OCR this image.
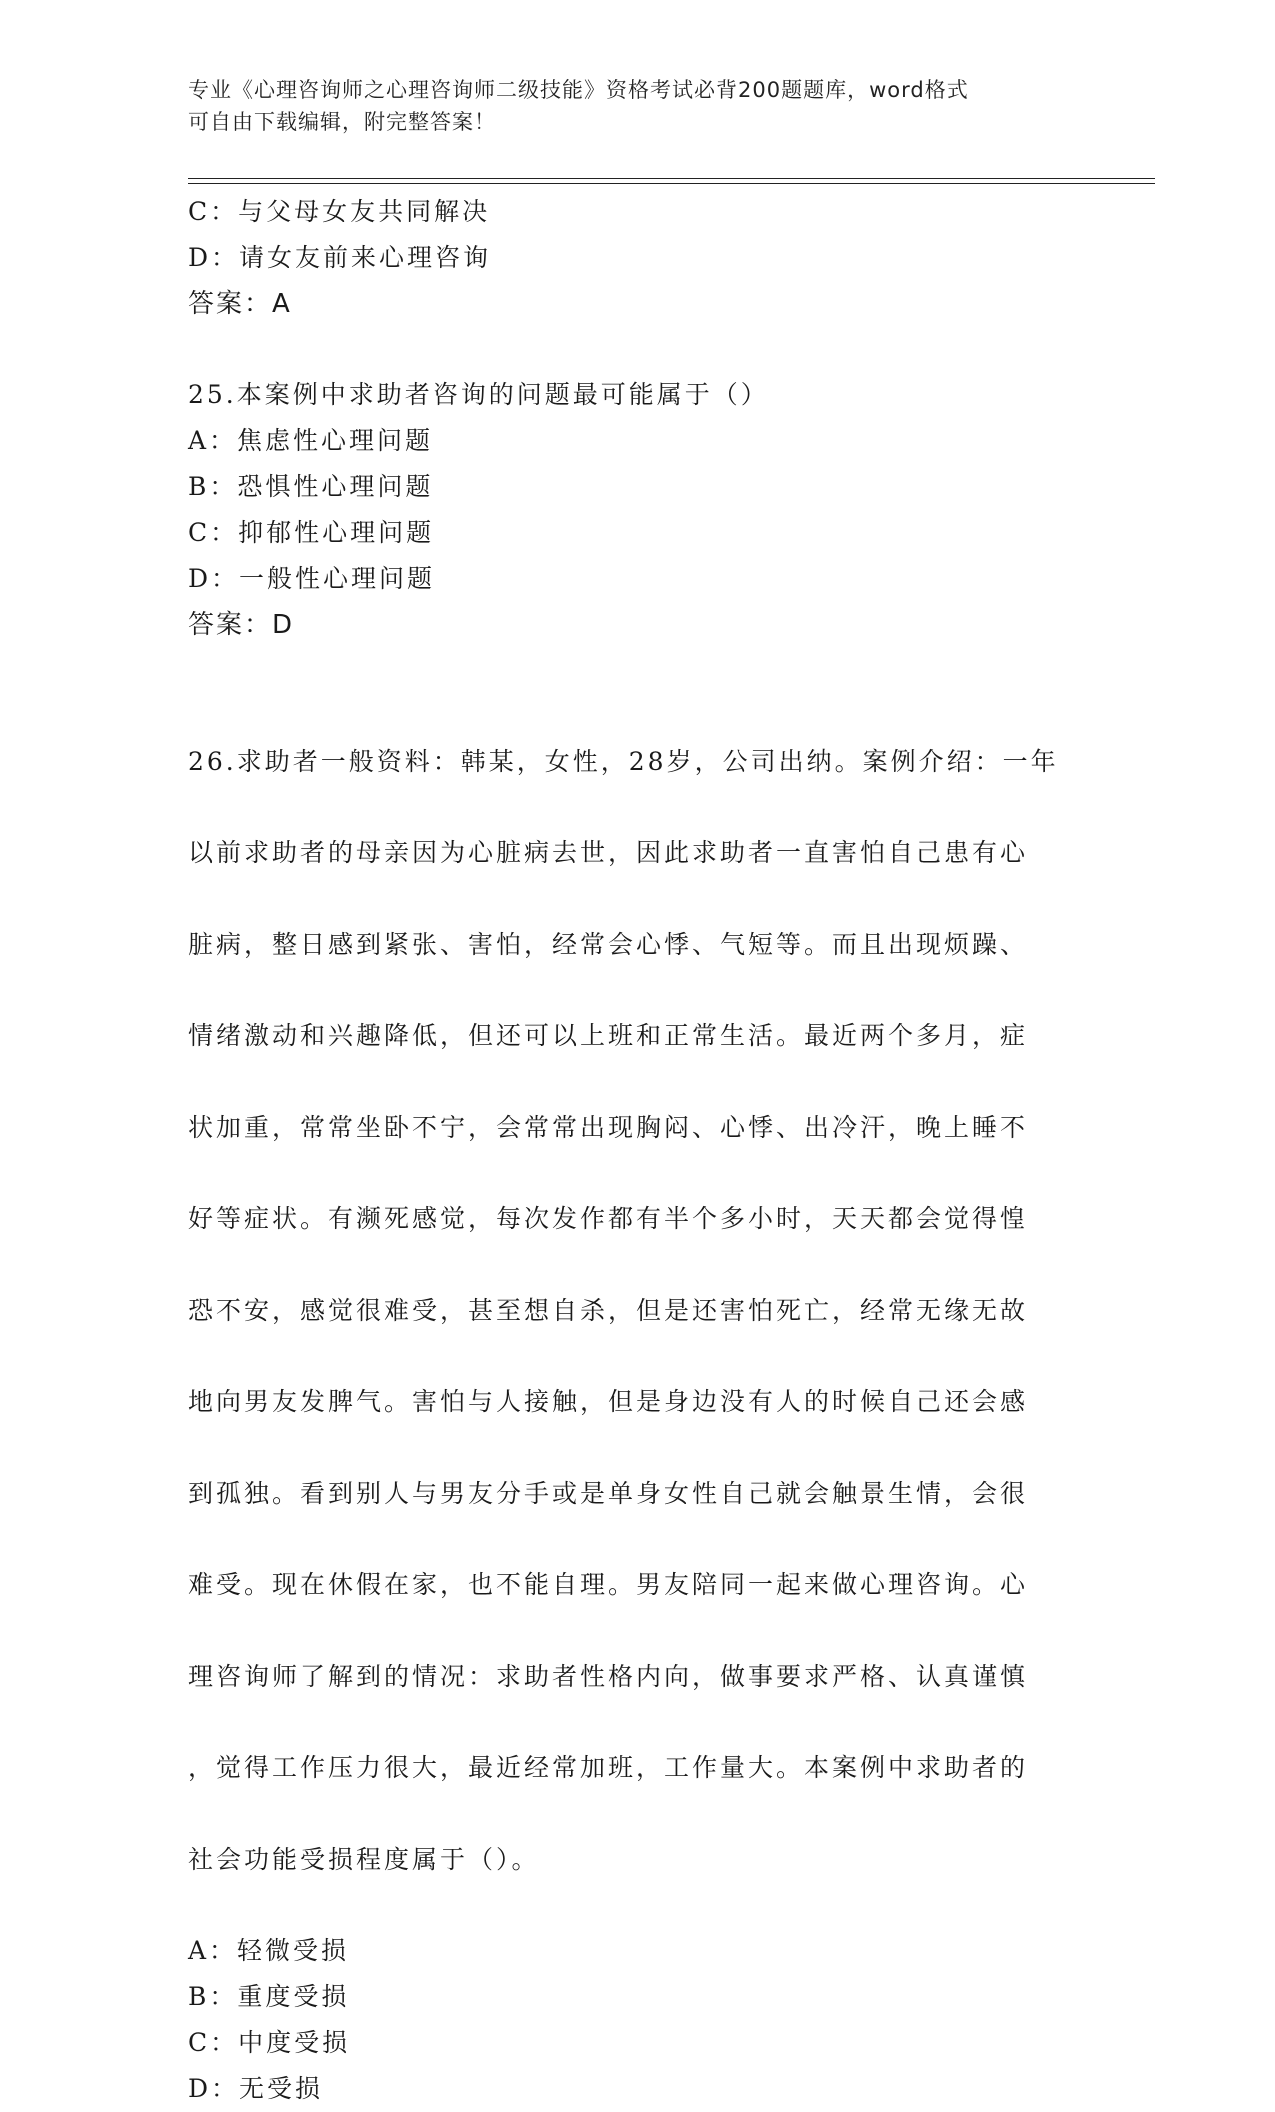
专业《心理咨询师之心理咨询师二级技能》资格考试必背200题题库，word格式
可自由下载编辑，附完整答案！
C：与父母女友共同解决
D：请女友前来心理咨询
答案：A
25.本案例中求助者咨询的问题最可能属于（）
A：焦虑性心理问题
B：恐惧性心理问题
C：抑郁性心理问题
D：一般性心理问题
答案：D

26.求助者一般资料：韩某，女性，28岁，公司出纳。案例介绍：一年

以前求助者的母亲因为心脏病去世，因此求助者一直害怕自己患有心

脏病，整日感到紧张、害怕，经常会心悸、气短等。而且出现烦躁、

情绪激动和兴趣降低，但还可以上班和正常生活。最近两个多月，症

状加重，常常坐卧不宁，会常常出现胸闷、心悸、出冷汗，晚上睡不

好等症状。有濒死感觉，每次发作都有半个多小时，天天都会觉得惶

恐不安，感觉很难受，甚至想自杀，但是还害怕死亡，经常无缘无故

地向男友发脾气。害怕与人接触，但是身边没有人的时候自己还会感

到孤独。看到别人与男友分手或是单身女性自己就会触景生情，会很

难受。现在休假在家，也不能自理。男友陪同一起来做心理咨询。心

理咨询师了解到的情况：求助者性格内向，做事要求严格、认真谨慎

，觉得工作压力很大，最近经常加班，工作量大。本案例中求助者的

社会功能受损程度属于（）。

A：轻微受损
B：重度受损
C：中度受损
D：无受损
